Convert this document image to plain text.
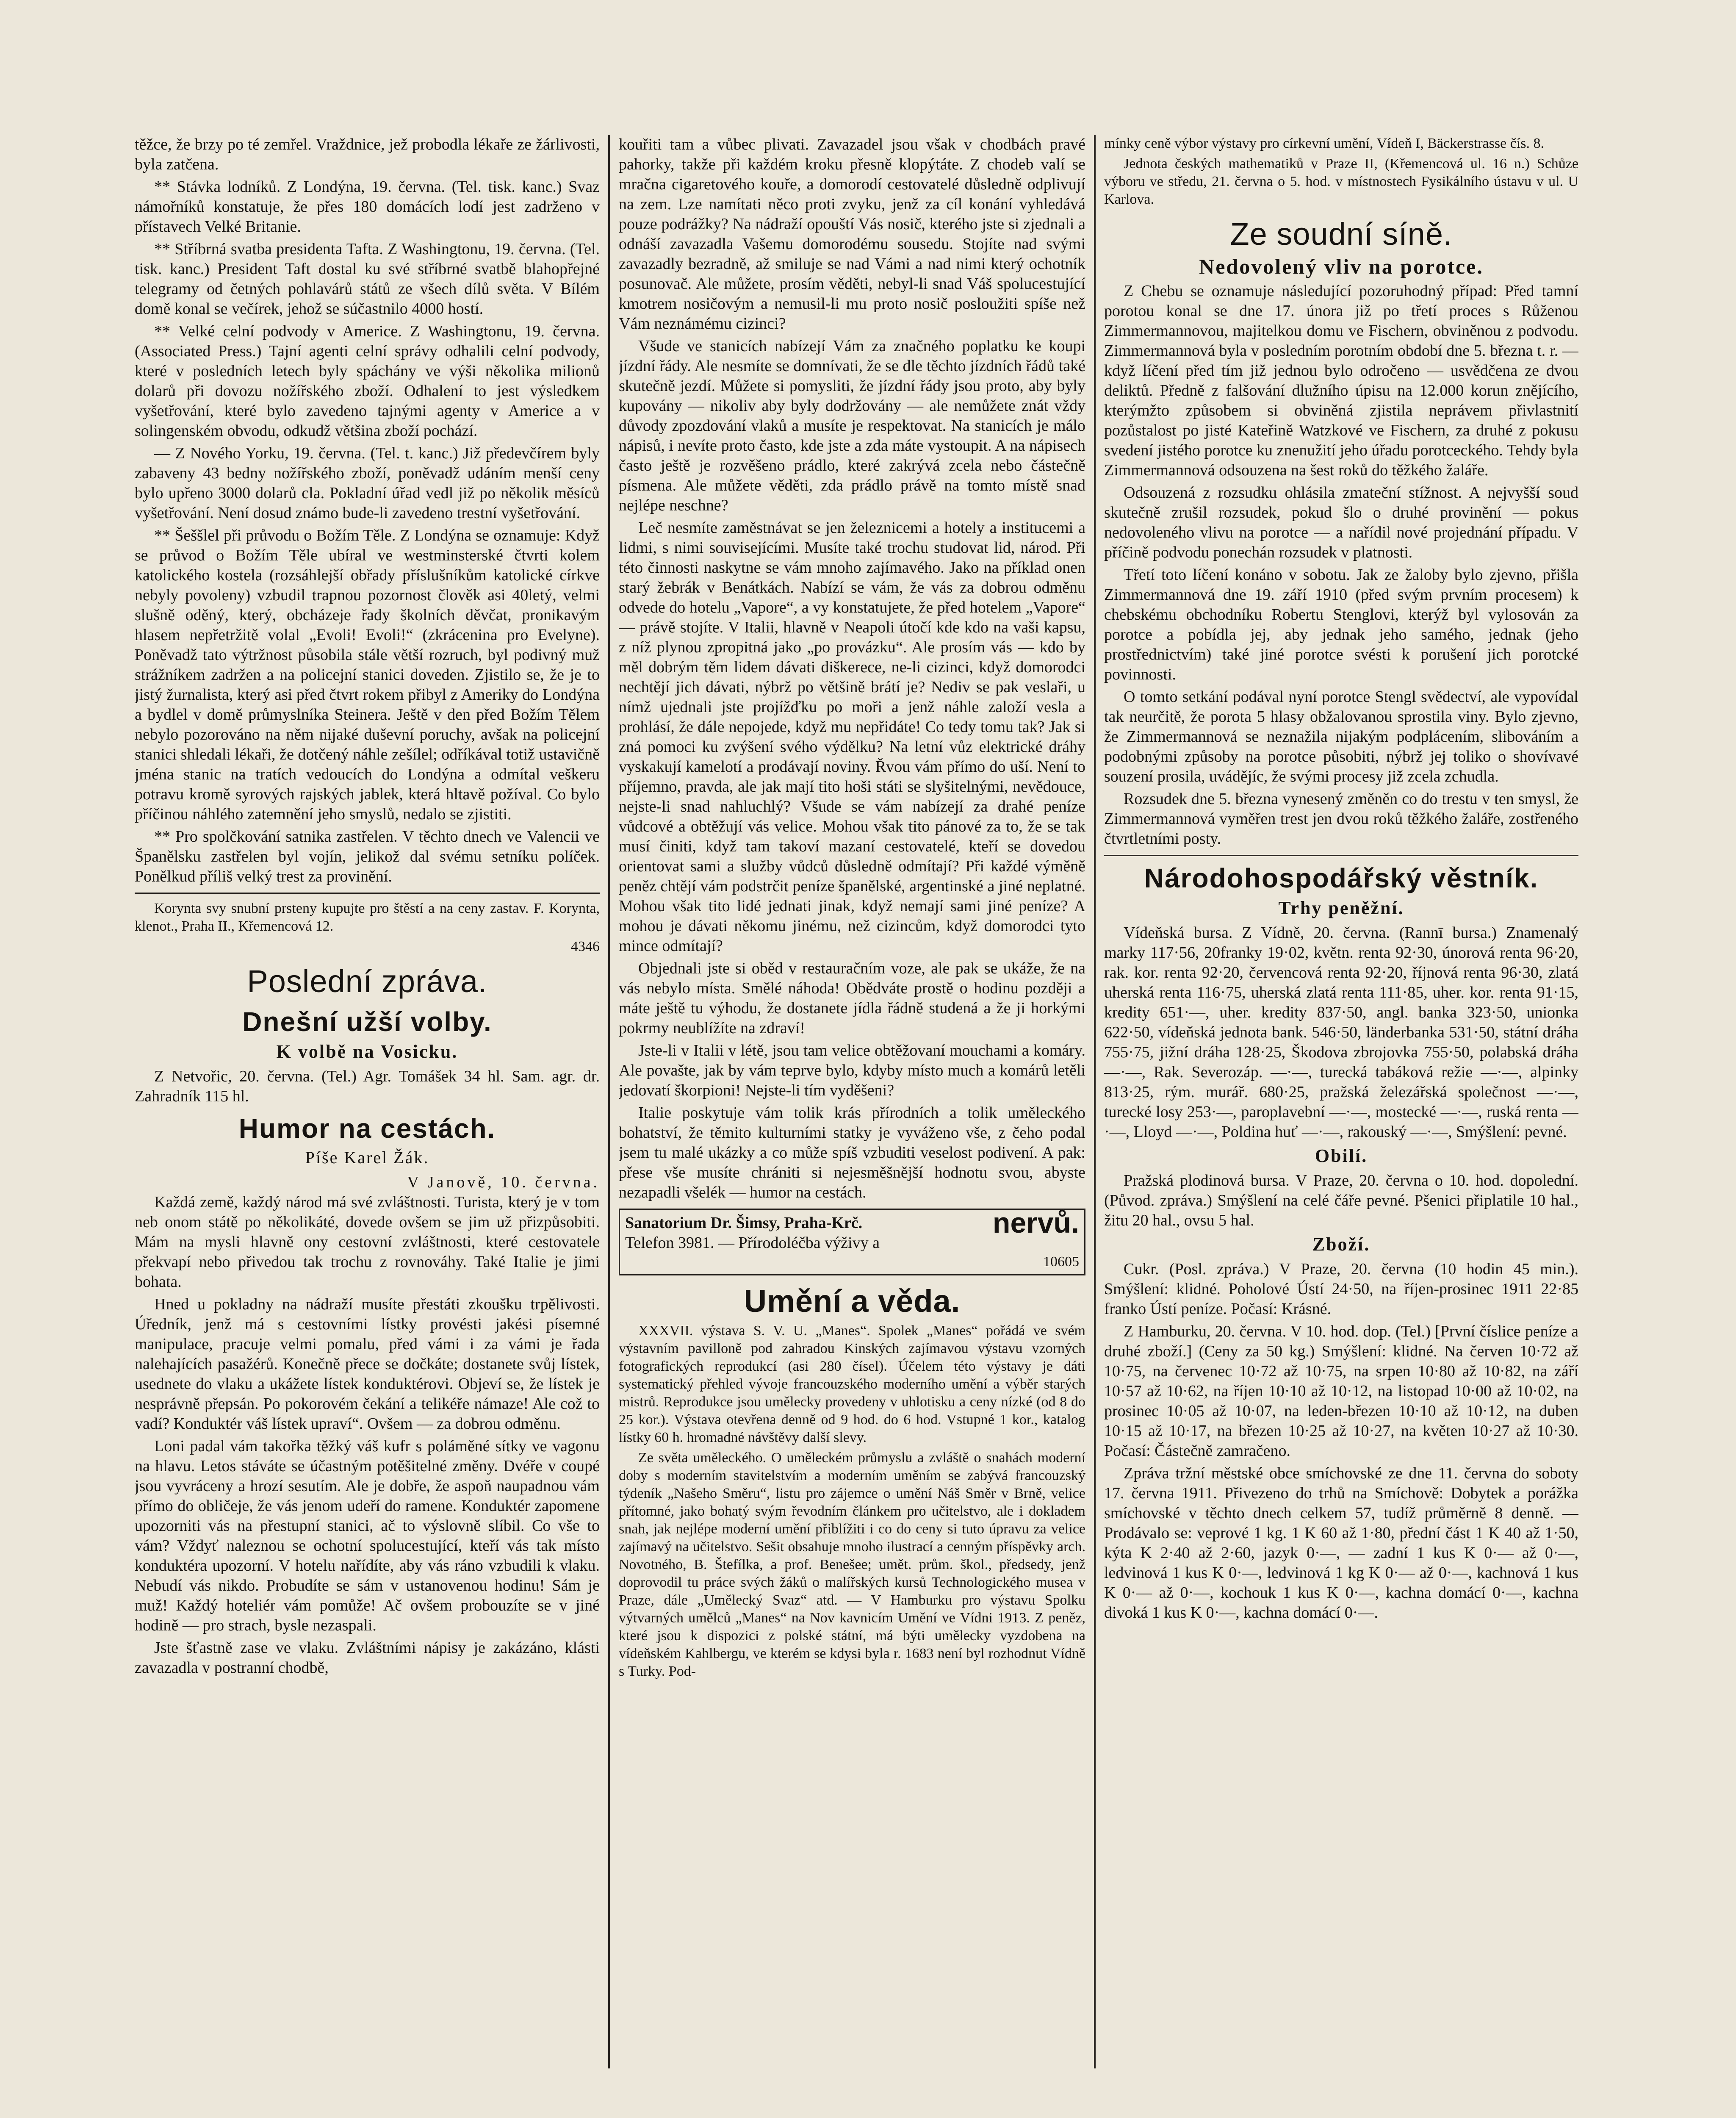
těžce, že brzy po té zemřel. Vraždnice, jež probodla lékaře ze žárlivosti, byla zatčena.

** Stávka lodníků. Z Londýna, 19. června. (Tel. tisk. kanc.) Svaz námořníků konstatuje, že přes 180 domácích lodí jest zadrženo v přístavech Velké Britanie.

** Stříbrná svatba presidenta Tafta. Z Washingtonu, 19. června. (Tel. tisk. kanc.) President Taft dostal ku své stříbrné svatbě blahopřejné telegramy od četných pohlavárů států ze všech dílů světa. V Bílém domě konal se večírek, jehož se súčastnilo 4000 hostí.

** Velké celní podvody v Americe. Z Washingtonu, 19. června. (Associated Press.) Tajní agenti celní správy odhalili celní podvody, které v posledních letech byly spáchány ve výši několika milionů dolarů při dovozu nožířského zboží. Odhalení to jest výsledkem vyšetřování, které bylo zavedeno tajnými agenty v Americe a v solingenském obvodu, odkudž většina zboží pochází.

— Z Nového Yorku, 19. června. (Tel. t. kanc.) Již předevčírem byly zabaveny 43 bedny nožířského zboží, poněvadž udáním menší ceny bylo upřeno 3000 dolarů cla. Pokladní úřad vedl již po několik měsíců vyšetřování. Není dosud známo bude-li zavedeno trestní vyšetřování.

** Šeššlel při průvodu o Božím Těle. Z Londýna se oznamuje: Když se průvod o Božím Těle ubíral ve westminsterské čtvrti kolem katolického kostela (rozsáhlejší obřady příslušníkům katolické církve nebyly povoleny) vzbudil trapnou pozornost člověk asi 40letý, velmi slušně oděný, který, obcházeje řady školních děvčat, pronikavým hlasem nepřetržitě volal „Evoli! Evoli!“ (zkrácenina pro Evelyne). Poněvadž tato výtržnost působila stále větší rozruch, byl podivný muž strážníkem zadržen a na policejní stanici doveden. Zjistilo se, že je to jistý žurnalista, který asi před čtvrt rokem přibyl z Ameriky do Londýna a bydlel v domě průmyslníka Steinera. Ještě v den před Božím Tělem nebylo pozorováno na něm nijaké duševní poruchy, avšak na policejní stanici shledali lékaři, že dotčený náhle zešílel; odříkával totiž ustavičně jména stanic na tratích vedoucích do Londýna a odmítal veškeru potravu kromě syrových rajských jablek, která hltavě požíval. Co bylo příčinou náhlého zatemnění jeho smyslů, nedalo se zjistiti.

** Pro spolčkování satnika zastřelen. V těchto dnech ve Valencii ve Španělsku zastřelen byl vojín, jelikož dal svému setníku políček. Ponělkud příliš velký trest za provinění.

Korynta svy snubní prsteny kupujte pro štěstí a na ceny zastav. F. Korynta, klenot., Praha II., Křemencová 12.

4346
Poslední zpráva.
Dnešní užší volby.
K volbě na Vosicku.

Z Netvořic, 20. června. (Tel.) Agr. Tomášek 34 hl. Sam. agr. dr. Zahradník 115 hl.

Humor na cestách.
Píše Karel Žák.
V Janově, 10. června.

Každá země, každý národ má své zvláštnosti. Turista, který je v tom neb onom státě po několikáté, dovede ovšem se jim už přizpůsobiti. Mám na mysli hlavně ony cestovní zvláštnosti, které cestovatele překvapí nebo přivedou tak trochu z rovnováhy. Také Italie je jimi bohata.

Hned u pokladny na nádraží musíte přestáti zkoušku trpělivosti. Úředník, jenž má s cestovními lístky provésti jakési písemné manipulace, pracuje velmi pomalu, před vámi i za vámi je řada nalehajících pasažérů. Konečně přece se dočkáte; dostanete svůj lístek, usednete do vlaku a ukážete lístek konduktérovi. Objeví se, že lístek je nesprávně přepsán. Po pokorovém čekání a telikéře námaze! Ale což to vadí? Konduktér váš lístek upraví“. Ovšem — za dobrou odměnu.

Loni padal vám takořka těžký váš kufr s poláměné sítky ve vagonu na hlavu. Letos stáváte se účastným potěšitelné změny. Dvéře v coupé jsou vyvráceny a hrozí sesutím. Ale je dobře, že aspoň naupadnou vám přímo do obličeje, že vás jenom udeří do ramene. Konduktér zapomene upozorniti vás na přestupní stanici, ač to výslovně slíbil. Co vše to vám? Vždyť naleznou se ochotní spolucestující, kteří vás tak místo konduktéra upozorní. V hotelu nařídíte, aby vás ráno vzbudili k vlaku. Nebudí vás nikdo. Probudíte se sám v ustanovenou hodinu! Sám je muž! Každý hoteliér vám pomůže! Ač ovšem probouzíte se v jiné hodině — pro strach, bysle nezaspali.

Jste šťastně zase ve vlaku. Zvláštními nápisy je zakázáno, klásti zavazadla v postranní chodbě,

kouřiti tam a vůbec plivati. Zavazadel jsou však v chodbách pravé pahorky, takže při každém kroku přesně klopýtáte. Z chodeb valí se mračna cigaretového kouře, a domorodí cestovatelé důsledně odplivují na zem. Lze namítati něco proti zvyku, jenž za cíl konání vyhledává pouze podrážky? Na nádraží opouští Vás nosič, kterého jste si zjednali a odnáší zavazadla Vašemu domorodému sousedu. Stojíte nad svými zavazadly bezradně, až smiluje se nad Vámi a nad nimi který ochotník posunovač. Ale můžete, prosím věděti, nebyl-li snad Váš spolucestující kmotrem nosičovým a nemusil-li mu proto nosič posloužiti spíše než Vám neznámému cizinci?

Všude ve stanicích nabízejí Vám za značného poplatku ke koupi jízdní řády. Ale nesmíte se domnívati, že se dle těchto jízdních řádů také skutečně jezdí. Můžete si pomysliti, že jízdní řády jsou proto, aby byly kupovány — nikoliv aby byly dodržovány — ale nemůžete znát vždy důvody zpozdování vlaků a musíte je respektovat. Na stanicích je málo nápisů, i nevíte proto často, kde jste a zda máte vystoupit. A na nápisech často ještě je rozvěšeno prádlo, které zakrývá zcela nebo částečně písmena. Ale můžete věděti, zda prádlo právě na tomto místě snad nejlépe neschne?

Leč nesmíte zaměstnávat se jen železnicemi a hotely a institucemi a lidmi, s nimi souvisejícími. Musíte také trochu studovat lid, národ. Při této činnosti naskytne se vám mnoho zajímavého. Jako na příklad onen starý žebrák v Benátkách. Nabízí se vám, že vás za dobrou odměnu odvede do hotelu „Vapore“, a vy konstatujete, že před hotelem „Vapore“ — právě stojíte. V Italii, hlavně v Neapoli útočí kde kdo na vaši kapsu, z níž plynou zpropitná jako „po provázku“. Ale prosím vás — kdo by měl dobrým těm lidem dávati diškerece, ne-li cizinci, když domorodci nechtějí jich dávati, nýbrž po většině brátí je? Nediv se pak veslaři, u nímž ujednali jste projížďku po moři a jenž náhle založí vesla a prohlásí, že dále nepojede, když mu nepřidáte! Co tedy tomu tak? Jak si zná pomoci ku zvýšení svého výdělku? Na letní vůz elektrické dráhy vyskakují kamelotí a prodávají noviny. Řvou vám přímo do uší. Není to příjemno, pravda, ale jak mají tito hoši státi se slyšitelnými, nevědouce, nejste-li snad nahluchlý? Všude se vám nabízejí za drahé peníze vůdcové a obtěžují vás velice. Mohou však tito pánové za to, že se tak musí činiti, když tam takoví mazaní cestovatelé, kteří se dovedou orientovat sami a služby vůdců důsledně odmítají? Při každé výměně peněz chtějí vám podstrčit peníze španělské, argentinské a jiné neplatné. Mohou však tito lidé jednati jinak, když nemají sami jiné peníze? A mohou je dávati někomu jinému, než cizincům, když domorodci tyto mince odmítají?

Objednali jste si oběd v restauračním voze, ale pak se ukáže, že na vás nebylo místa. Smělé náhoda! Obědváte prostě o hodinu později a máte ještě tu výhodu, že dostanete jídla řádně studená a že ji horkými pokrmy neublížíte na zdraví!

Jste-li v Italii v létě, jsou tam velice obtěžovaní mouchami a komáry. Ale povašte, jak by vám teprve bylo, kdyby místo much a komárů letěli jedovatí škorpioni! Nejste-li tím vyděšeni?

Italie poskytuje vám tolik krás přírodních a tolik uměleckého bohatství, že těmito kulturními statky je vyváženo vše, z čeho podal jsem tu malé ukázky a co může spíš vzbuditi veselost podivení. A pak: přese vše musíte chrániti si nejesměšnější hodnotu svou, abyste nezapadli všelék — humor na cestách.

nervů.
Sanatorium Dr. Šimsy, Praha-Krč.
Telefon 3981. — Přírodoléčba výživy a
10605
Umění a věda.

XXXVII. výstava S. V. U. „Manes“. Spolek „Manes“ pořádá ve svém výstavním pavilloně pod zahradou Kinských zajímavou výstavu vzorných fotografických reprodukcí (asi 280 čísel). Účelem této výstavy je dáti systematický přehled vývoje francouzského moderního umění a výběr starých mistrů. Reprodukce jsou umělecky provedeny v uhlotisku a ceny nízké (od 8 do 25 kor.). Výstava otevřena denně od 9 hod. do 6 hod. Vstupné 1 kor., katalog lístky 60 h. hromadné návštěvy další slevy.

Ze světa uměleckého. O uměleckém průmyslu a zvláště o snahách moderní doby s moderním stavitelstvím a moderním uměním se zabývá francouzský týdeník „Našeho Směru“, listu pro zájemce o umění Náš Směr v Brně, velice přítomné, jako bohatý svým řevodním článkem pro učitelstvo, ale i dokladem snah, jak nejlépe moderní umění přiblížiti i co do ceny si tuto úpravu za velice zajímavý na učitelstvo. Sešit obsahuje mnoho ilustrací a cenným příspěvky arch. Novotného, B. Štefílka, a prof. Benešee; umět. prům. škol., předsedy, jenž doprovodil tu práce svých žáků o malířských kursů Technologického musea v Praze, dále „Umělecký Svaz“ atd. — V Hamburku pro výstavu Spolku výtvarných umělců „Manes“ na Nov kavnicím Umění ve Vídni 1913. Z peněz, které jsou k dispozici z polské státní, má býti umělecky vyzdobena na vídeňském Kahlbergu, ve kterém se kdysi byla r. 1683 není byl rozhodnut Vídně s Turky. Pod-

mínky ceně výbor výstavy pro církevní umění, Vídeň I, Bäckerstrasse čís. 8.

Jednota českých mathematiků v Praze II, (Křemencová ul. 16 n.) Schůze výboru ve středu, 21. června o 5. hod. v místnostech Fysikálního ústavu v ul. U Karlova.

Ze soudní síně.
Nedovolený vliv na porotce.

Z Chebu se oznamuje následující pozoruhodný případ: Před tamní porotou konal se dne 17. února již po třetí proces s Růženou Zimmermannovou, majitelkou domu ve Fischern, obviněnou z podvodu. Zimmermannová byla v posledním porotním období dne 5. března t. r. — když líčení před tím již jednou bylo odročeno — usvědčena ze dvou deliktů. Předně z falšování dlužního úpisu na 12.000 korun znějícího, kterýmžto způsobem si obviněná zjistila neprávem přivlastnití pozůstalost po jisté Kateřině Watzkové ve Fischern, za druhé z pokusu svedení jistého porotce ku znenužití jeho úřadu porotceckého. Tehdy byla Zimmermannová odsouzena na šest roků do těžkého žaláře.

Odsouzená z rozsudku ohlásila zmateční stížnost. A nejvyšší soud skutečně zrušil rozsudek, pokud šlo o druhé provinění — pokus nedovoleného vlivu na porotce — a nařídil nové projednání případu. V příčině podvodu ponechán rozsudek v platnosti.

Třetí toto líčení konáno v sobotu. Jak ze žaloby bylo zjevno, přišla Zimmermannová dne 19. září 1910 (před svým prvním procesem) k chebskému obchodníku Robertu Stenglovi, kterýž byl vylosován za porotce a pobídla jej, aby jednak jeho samého, jednak (jeho prostřednictvím) také jiné porotce svésti k porušení jich porotcké povinnosti.

O tomto setkání podával nyní porotce Stengl svědectví, ale vypovídal tak neurčitě, že porota 5 hlasy obžalovanou sprostila viny. Bylo zjevno, že Zimmermannová se neznažila nijakým podplácením, slibováním a podobnými způsoby na porotce působiti, nýbrž jej toliko o shovívavé souzení prosila, uvádějíc, že svými procesy již zcela zchudla.

Rozsudek dne 5. března vynesený změněn co do trestu v ten smysl, že Zimmermannová vyměřen trest jen dvou roků těžkého žaláře, zostřeného čtvrtletními posty.

Národohospodářský věstník.
Trhy peněžní.

Vídeňská bursa. Z Vídně, 20. června. (Rannī bursa.) Znamenalý marky 117·56, 20franky 19·02, květn. renta 92·30, únorová renta 96·20, rak. kor. renta 92·20, červencová renta 92·20, říjnová renta 96·30, zlatá uherská renta 116·75, uherská zlatá renta 111·85, uher. kor. renta 91·15, kredity 651·—, uher. kredity 837·50, angl. banka 323·50, unionka 622·50, vídeňská jednota bank. 546·50, länderbanka 531·50, státní dráha 755·75, jižní dráha 128·25, Škodova zbrojovka 755·50, polabská dráha —·—, Rak. Severozáp. —·—, turecká tabáková režie —·—, alpinky 813·25, rým. murář. 680·25, pražská železářská společnost —·—, turecké losy 253·—, paroplavební —·—, mostecké —·—, ruská renta —·—, Lloyd —·—, Poldina huť —·—, rakouský —·—, Smýšlení: pevné.

Obilí.

Pražská plodinová bursa. V Praze, 20. června o 10. hod. dopolední. (Původ. zpráva.) Smýšlení na celé čáře pevné. Pšenici připlatile 10 hal., žitu 20 hal., ovsu 5 hal.

Zboží.

Cukr. (Posl. zpráva.) V Praze, 20. června (10 hodin 45 min.). Smýšlení: klidné. Poholové Ústí 24·50, na říjen-prosinec 1911 22·85 franko Ústí peníze. Počasí: Krásné.

Z Hamburku, 20. června. V 10. hod. dop. (Tel.) [První číslice peníze a druhé zboží.] (Ceny za 50 kg.) Smýšlení: klidné. Na červen 10·72 až 10·75, na červenec 10·72 až 10·75, na srpen 10·80 až 10·82, na září 10·57 až 10·62, na říjen 10·10 až 10·12, na listopad 10·00 až 10·02, na prosinec 10·05 až 10·07, na leden-březen 10·10 až 10·12, na duben 10·15 až 10·17, na březen 10·25 až 10·27, na květen 10·27 až 10·30. Počasí: Částečně zamračeno.

Zpráva tržní městské obce smíchovské ze dne 11. června do soboty 17. června 1911. Přivezeno do trhů na Smíchově: Dobytek a porážka smíchovské v těchto dnech celkem 57, tudíž průměrně 8 denně. — Prodávalo se: veprové 1 kg. 1 K 60 až 1·80, přední část 1 K 40 až 1·50, kýta K 2·40 až 2·60, jazyk 0·—, — zadní 1 kus K 0·— až 0·—, ledvinová 1 kus K 0·—, ledvinová 1 kg K 0·— až 0·—, kachnová 1 kus K 0·— až 0·—, kochouk 1 kus K 0·—, kachna domácí 0·—, kachna divoká 1 kus K 0·—, kachna domácí 0·—.
